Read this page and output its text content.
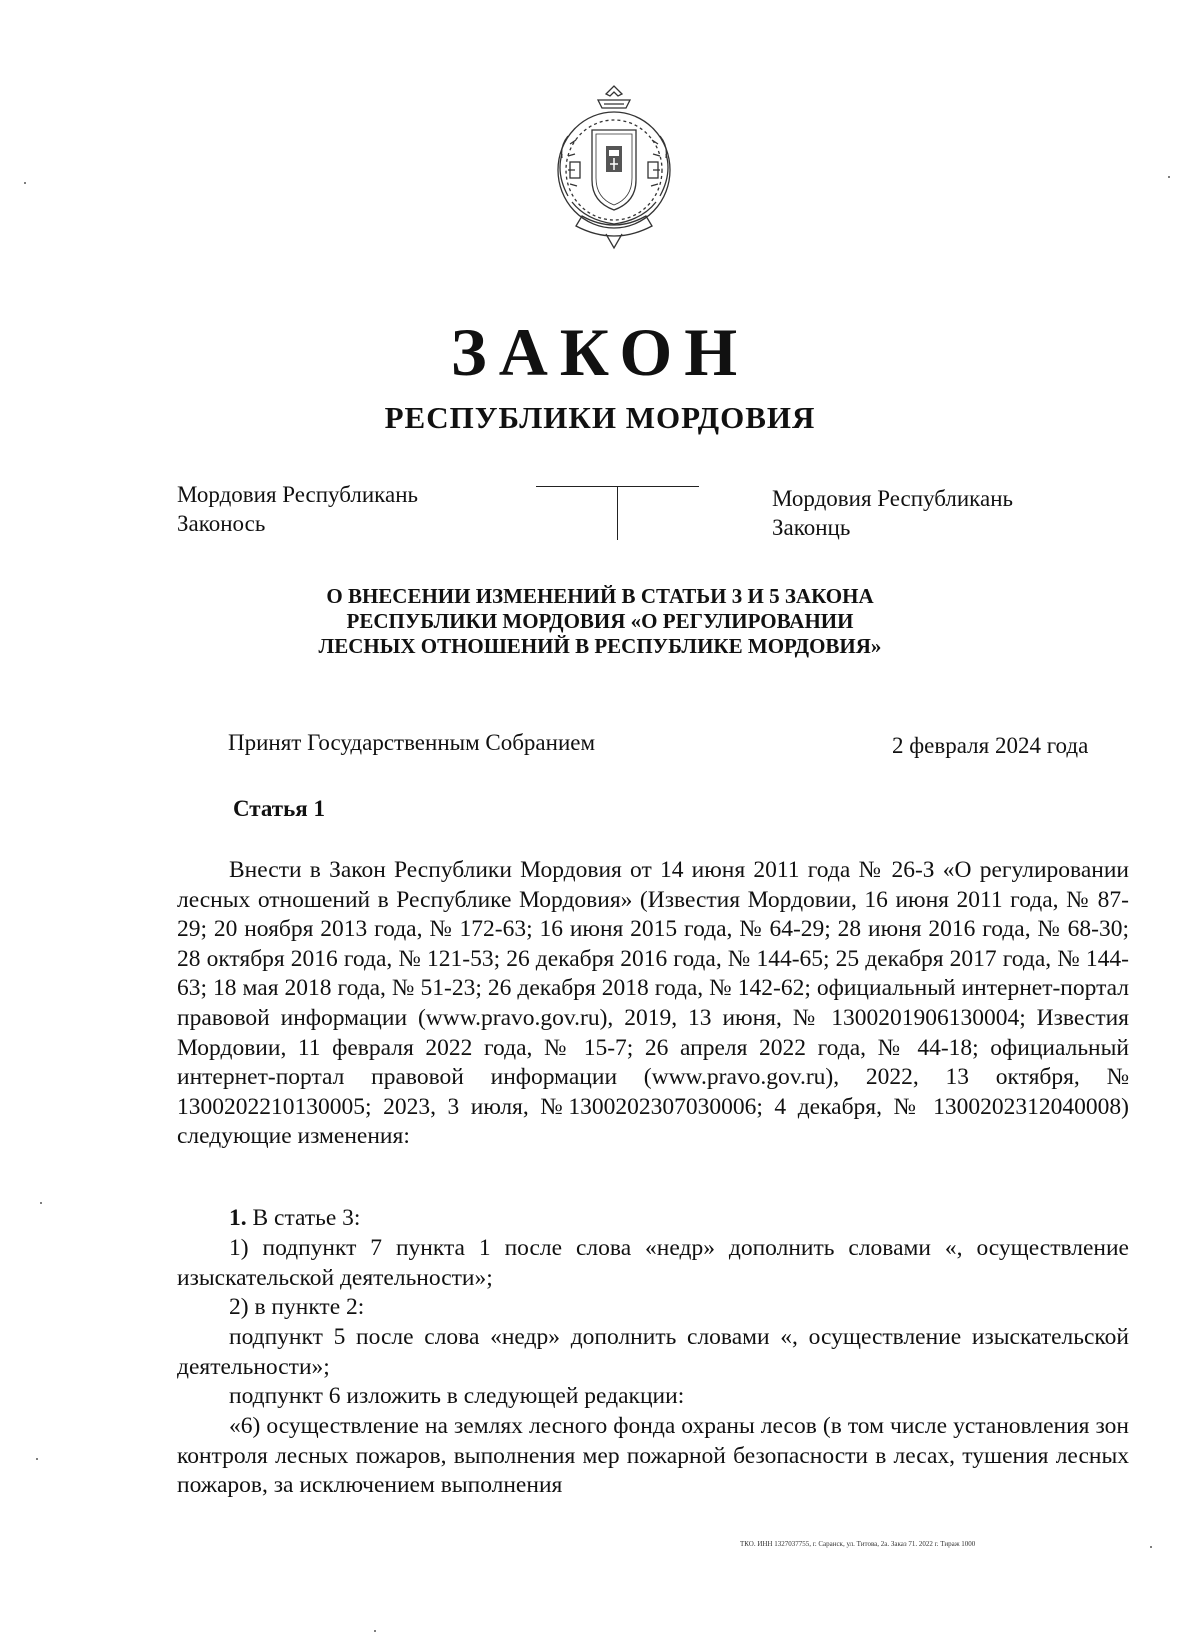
ЗАКОН
РЕСПУБЛИКИ МОРДОВИЯ
Мордовия Республикань
Законось
Мордовия Республикань
Законць
О ВНЕСЕНИИ ИЗМЕНЕНИЙ В СТАТЬИ 3 И 5 ЗАКОНА
РЕСПУБЛИКИ МОРДОВИЯ «О РЕГУЛИРОВАНИИ
ЛЕСНЫХ ОТНОШЕНИЙ В РЕСПУБЛИКЕ МОРДОВИЯ»
Принят Государственным Собранием	2 февраля 2024 года
Статья 1
Внести в Закон Республики Мордовия от 14 июня 2011 года № 26-З «О регулировании лесных отношений в Республике Мордовия» (Известия Мордовии, 16 июня 2011 года, № 87-29; 20 ноября 2013 года, № 172-63; 16 июня 2015 года, № 64-29; 28 июня 2016 года, № 68-30; 28 октября 2016 года, № 121-53; 26 декабря 2016 года, № 144-65; 25 декабря 2017 года, № 144-63; 18 мая 2018 года, № 51-23; 26 декабря 2018 года, № 142-62; официальный интернет-портал правовой информации (www.pravo.gov.ru), 2019, 13 июня, № 1300201906130004; Известия Мордовии, 11 февраля 2022 года, № 15-7; 26 апреля 2022 года, № 44-18; официальный интернет-портал правовой информации (www.pravo.gov.ru), 2022, 13 октября, № 1300202210130005; 2023, 3 июля, №1300202307030006; 4 декабря, № 1300202312040008) следующие изменения:
1. В статье 3:
1) подпункт 7 пункта 1 после слова «недр» дополнить словами «, осуществление изыскательской деятельности»;
2) в пункте 2:
подпункт 5 после слова «недр» дополнить словами «, осуществление изыскательской деятельности»;
подпункт 6 изложить в следующей редакции:
«6) осуществление на землях лесного фонда охраны лесов (в том числе установления зон контроля лесных пожаров, выполнения мер пожарной безопасности в лесах, тушения лесных пожаров, за исключением выполнения
ТКО. ИНН 1327037755, г. Саранск, ул. Титова, 2а. Заказ 71. 2022 г. Тираж 1000
